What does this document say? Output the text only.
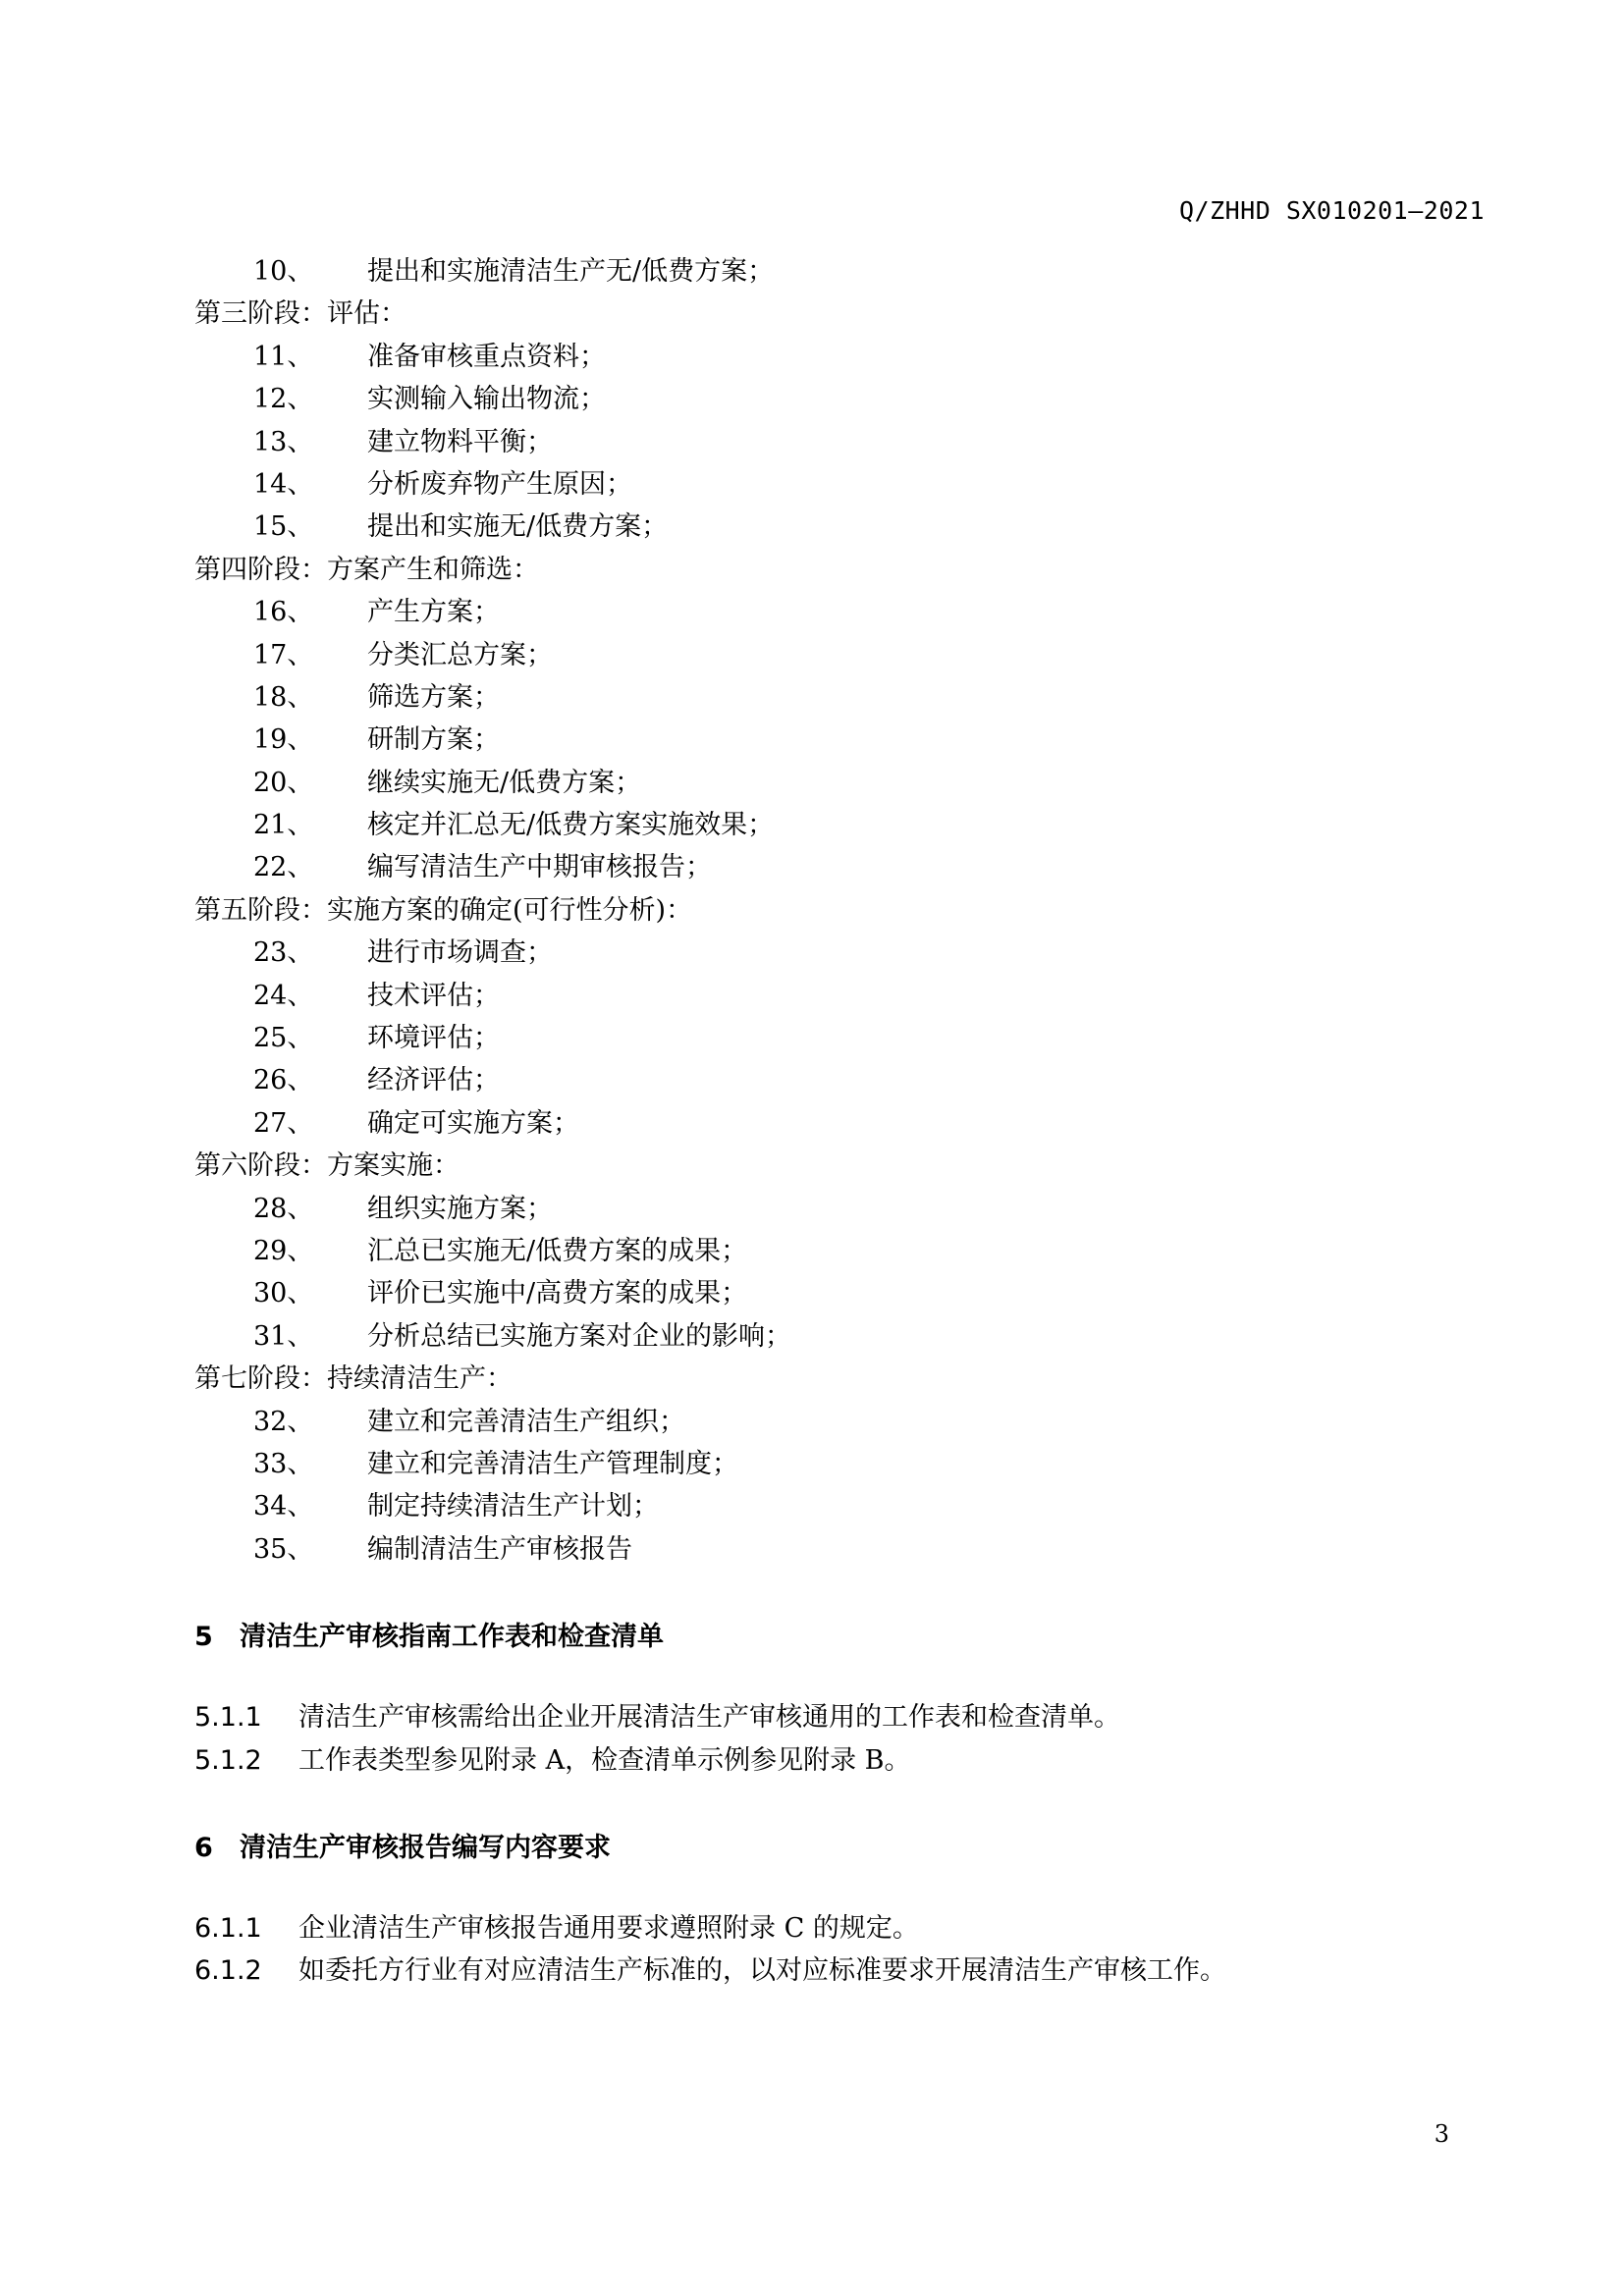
Q/ZHHD SX010201—2021
10、 提出和实施清洁生产无/低费方案；
第三阶段：评估：
11、 准备审核重点资料；
12、 实测输入输出物流；
13、 建立物料平衡；
14、 分析废弃物产生原因；
15、 提出和实施无/低费方案；
第四阶段：方案产生和筛选：
16、 产生方案；
17、 分类汇总方案；
18、 筛选方案；
19、 研制方案；
20、 继续实施无/低费方案；
21、 核定并汇总无/低费方案实施效果；
22、 编写清洁生产中期审核报告；
第五阶段：实施方案的确定(可行性分析)：
23、 进行市场调查；
24、 技术评估；
25、 环境评估；
26、 经济评估；
27、 确定可实施方案；
第六阶段：方案实施：
28、 组织实施方案；
29、 汇总已实施无/低费方案的成果；
30、 评价已实施中/高费方案的成果；
31、 分析总结已实施方案对企业的影响；
第七阶段：持续清洁生产：
32、 建立和完善清洁生产组织；
33、 建立和完善清洁生产管理制度；
34、 制定持续清洁生产计划；
35、 编制清洁生产审核报告
5 清洁生产审核指南工作表和检查清单
5.1.1 清洁生产审核需给出企业开展清洁生产审核通用的工作表和检查清单。
5.1.2 工作表类型参见附录 A，检查清单示例参见附录 B。
6 清洁生产审核报告编写内容要求
6.1.1 企业清洁生产审核报告通用要求遵照附录 C 的规定。
6.1.2 如委托方行业有对应清洁生产标准的，以对应标准要求开展清洁生产审核工作。
3
